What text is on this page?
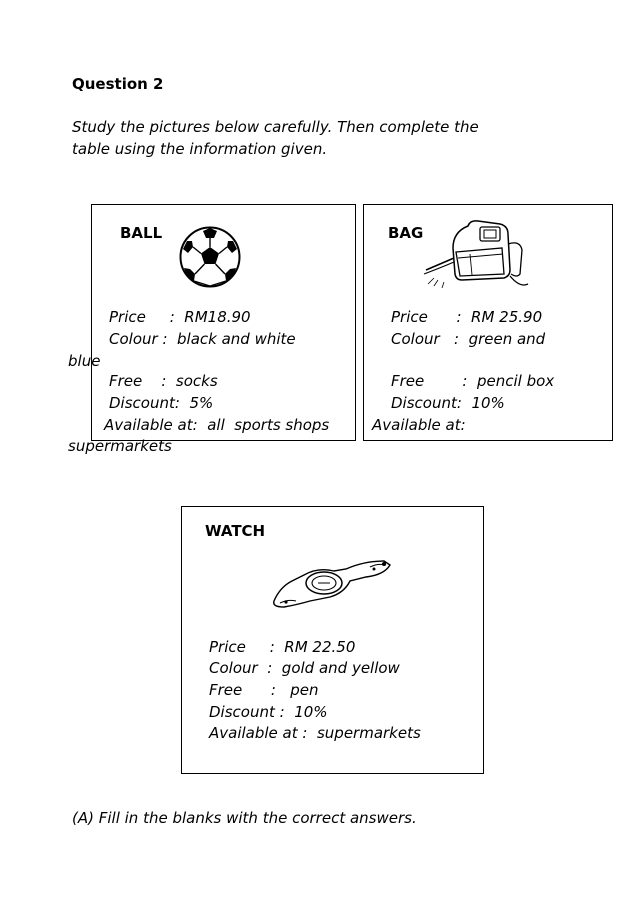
Question 2
Study the pictures below carefully. Then complete the
table using the information given.
BALL
Price     :  RM18.90
Colour :  black and white
blue
Free    :  socks
Discount:  5%
Available at:  all  sports shops
supermarkets
BAG
Price      :  RM 25.90
Colour   :  green and
Free        :  pencil box
Discount:  10%
Available at:
WATCH
Price     :  RM 22.50
Colour  :  gold and yellow
Free      :   pen
Discount :  10%
Available at :  supermarkets
(A) Fill in the blanks with the correct answers.
